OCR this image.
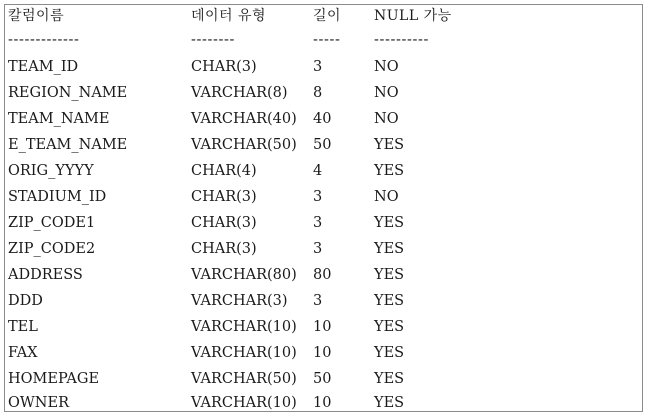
칼럼이름	데이터 유형	길이 NULL 가능
-------------	--------	----- ----------
TEAM_ID	CHAR(3)	3	NO
REGION_NAME	VARCHAR(8) 8	NO
TEAM_NAME	VARCHAR(40) 40	NO
E_TEAM_NAME	VARCHAR(50) 50	YES
ORIG_YYYY	CHAR(4)	4	YES
STADIUM_ID	CHAR(3)	3	NO
ZIP_CODE1	CHAR(3)	3	YES
ZIP_CODE2	CHAR(3)	3	YES
ADDRESS	VARCHAR(80) 80	YES
DDD	VARCHAR(3) 3	YES
TEL	VARCHAR(10) 10	YES
FAX	VARCHAR(10) 10	YES
HOMEPAGE	VARCHAR(50) 50	YES
OWNER	VARCHAR(10) 10	YES
